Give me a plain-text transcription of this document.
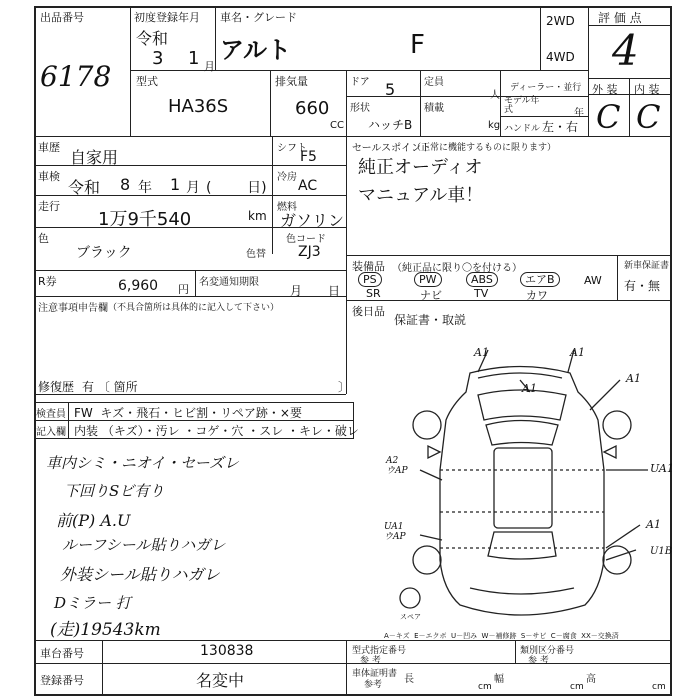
出品番号
6178
初度登録年月
令和
3 1 月
車名・グレード
アルト	F
2WD
4WD
評 価 点
4
外 装 内 装
C C
型式
HA36S
排気量
660
CC
ドア 5
形状
ハッチB
定員
人
積載
kg
ディーラー・並行
モデル年式	年
ハンドル 左・右
車歴
自家用	シフト
F5
車検
令和 8 年 1 月 (        日)
冷房
AC
走行
1万9千540	km
燃料
ガソリン
色
ブラック	色替
色コード
ZJ3
R券	6,960 円
名変通知期限
月 日
注意事項申告欄 （不具合箇所は具体的に記入して下さい）
修復歴 有 〔 箇所	〕
セールスポイント
（正常に機能するものに限ります）
純正オーディオ
マニュアル車！
装備品 （純正品に限り〇を付ける）	新車保証書
有・無
PS	PW	ABS	エアB	AW
SR	ナビ	TV	カワ
後日品
保証書・取説
検査員
記入欄
FW  キズ・飛石・ヒビ割・リペア跡・×要
内装 （キズ）・汚レ ・コゲ・穴 ・スレ ・キレ・破レ
車内シミ・ニオイ・セーズレ
下回りSビ有り
前(P) A.U
ルーフシール貼りハガレ
外装シール貼りハガレ
Dミラー 打
(走)19543km
A1	A1
A1
A1
A2
ウAP	UA1
UA1
ウAP
A1
U1B
スペア
A－キズ  E－エクボ  U－凹み  W－補修跡  S－サビ  C－腐食  XX－交換済
車台番号	130838
登録番号	名変中
型式指定番号
参 考
類別区分番号
参 考
車体証明書
参考 長
cm
幅
cm
高
cm
